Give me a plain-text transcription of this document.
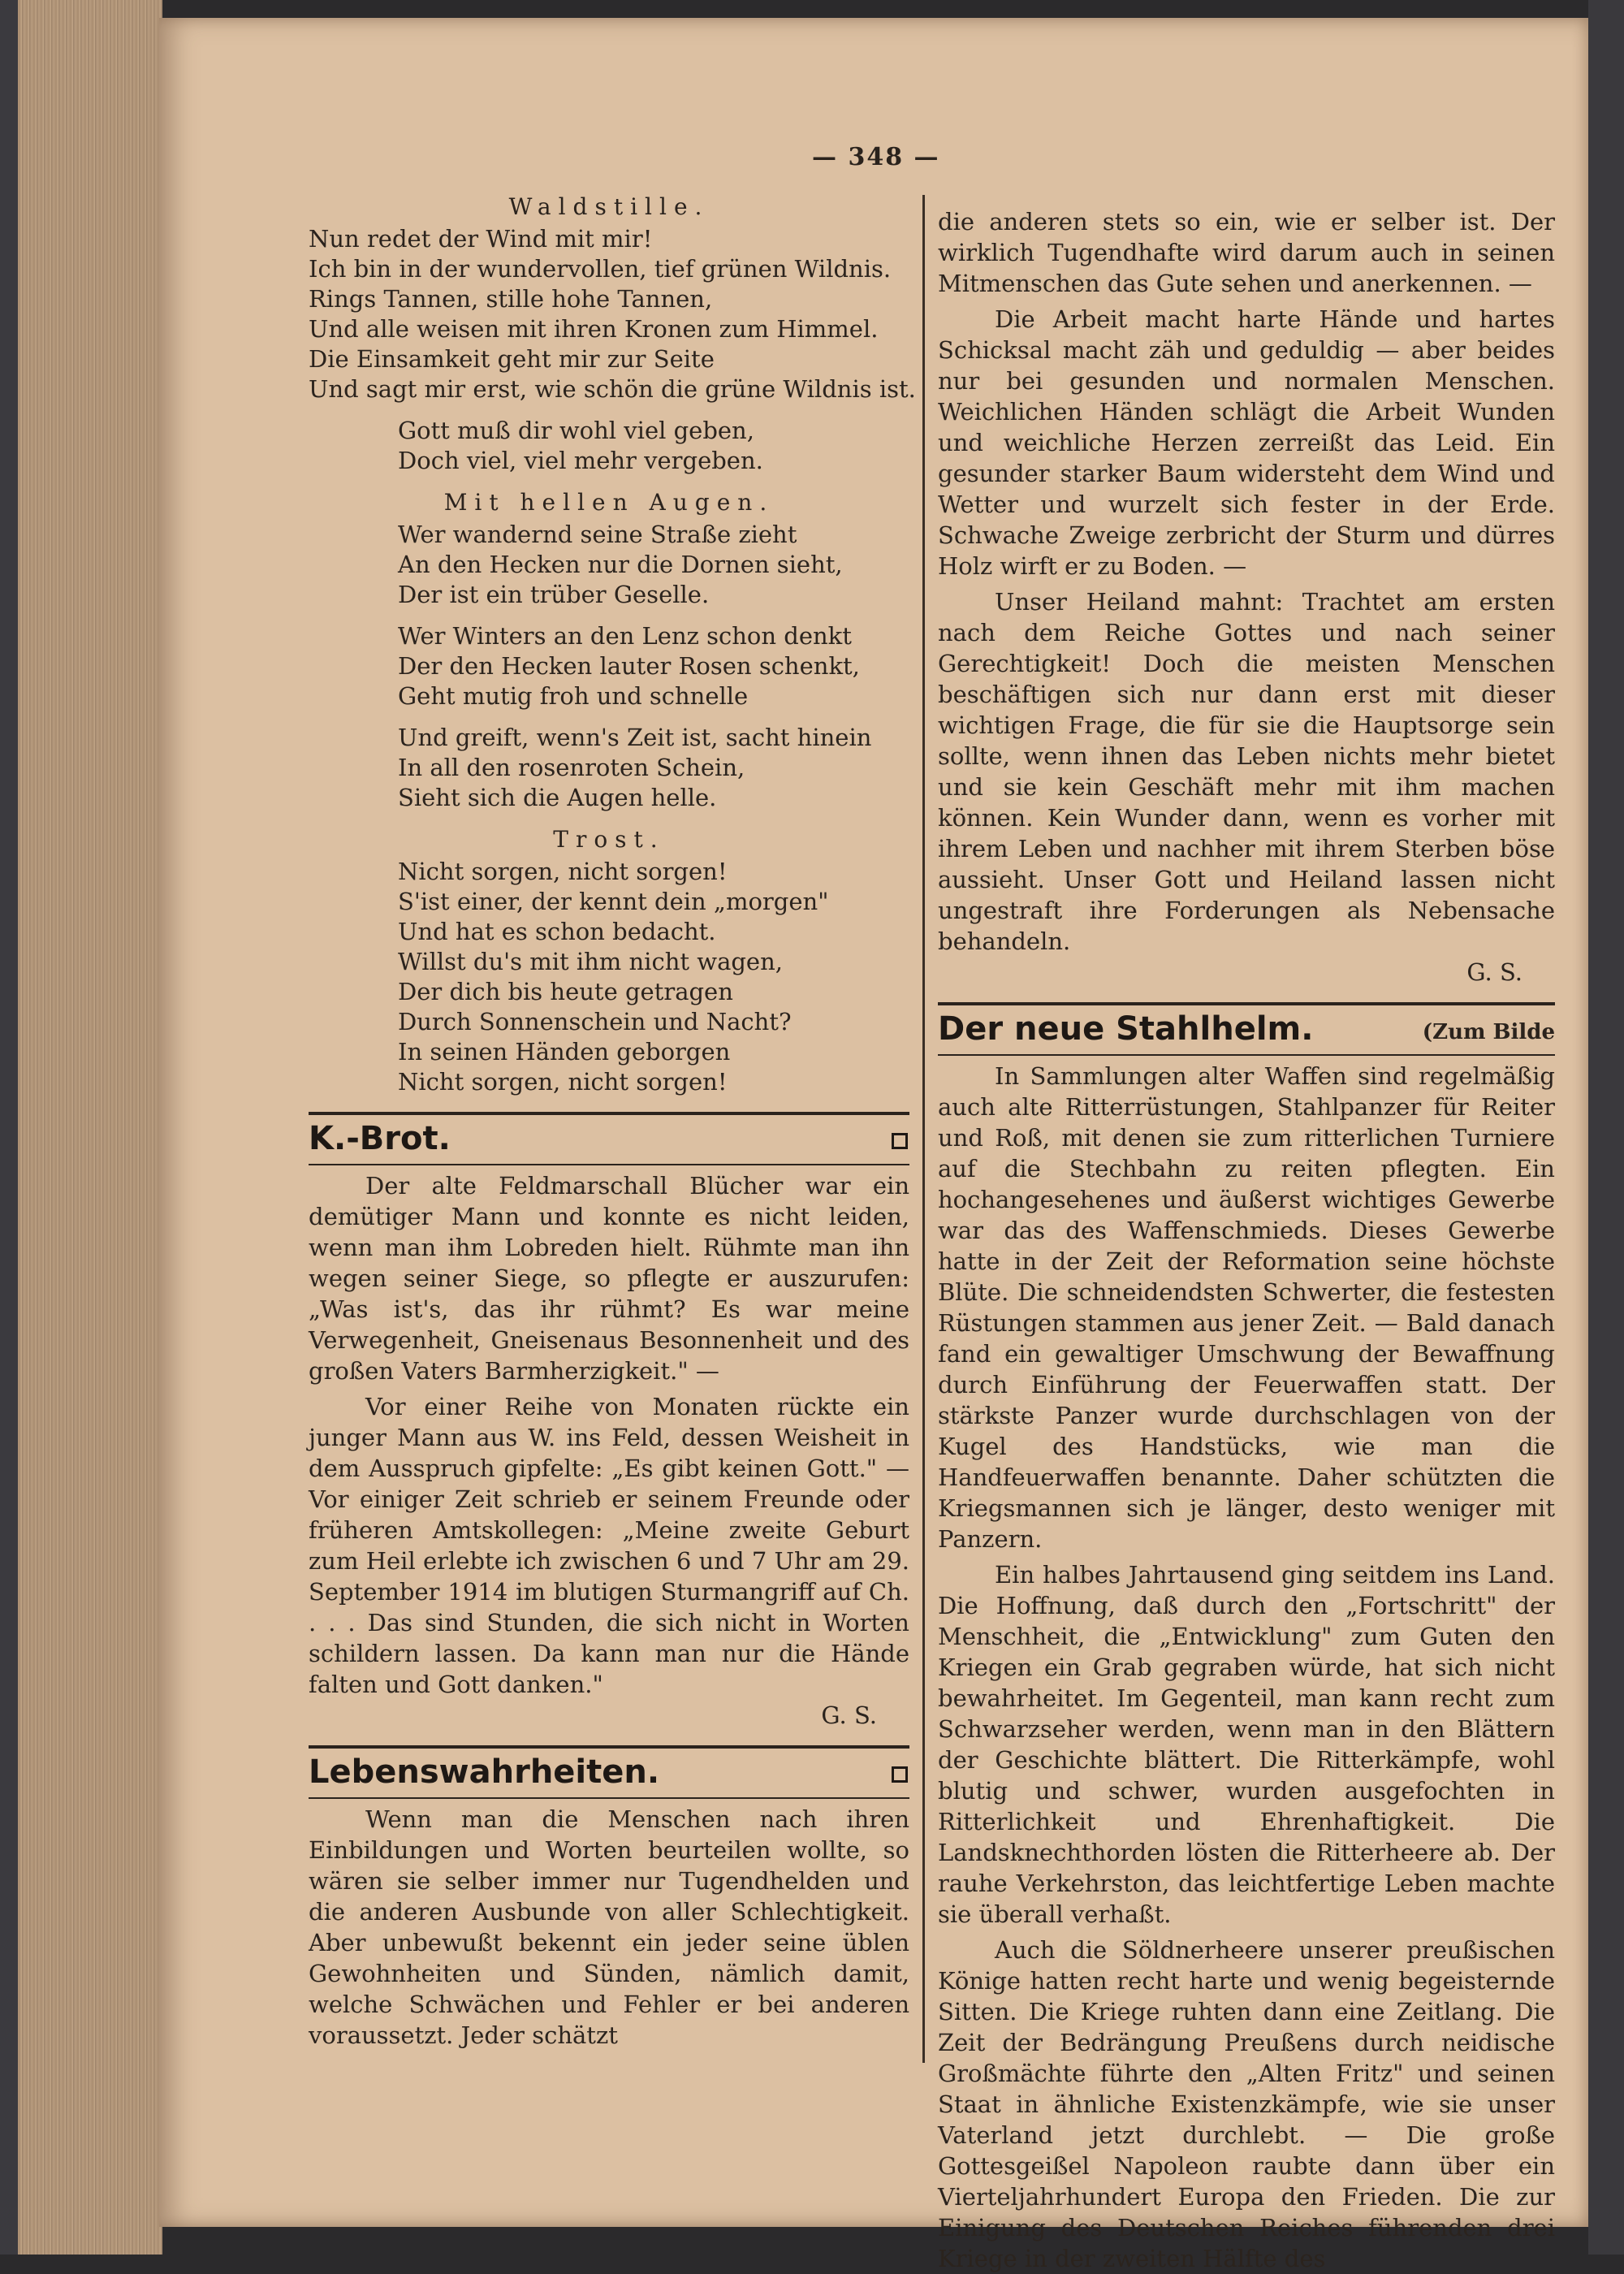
— 348 —
Waldstille.
Nun redet der Wind mit mir!
Ich bin in der wundervollen, tief grünen Wildnis.
Rings Tannen, stille hohe Tannen,
Und alle weisen mit ihren Kronen zum Himmel.
Die Einsamkeit geht mir zur Seite
Und sagt mir erst, wie schön die grüne Wildnis ist.
Gott muß dir wohl viel geben,
Doch viel, viel mehr vergeben.
Mit hellen Augen.
Wer wandernd seine Straße zieht
An den Hecken nur die Dornen sieht,
Der ist ein trüber Geselle.
Wer Winters an den Lenz schon denkt
Der den Hecken lauter Rosen schenkt,
Geht mutig froh und schnelle
Und greift, wenn's Zeit ist, sacht hinein
In all den rosenroten Schein,
Sieht sich die Augen helle.
Trost.
Nicht sorgen, nicht sorgen!
S'ist einer, der kennt dein „morgen"
Und hat es schon bedacht.
Willst du's mit ihm nicht wagen,
Der dich bis heute getragen
Durch Sonnenschein und Nacht?
In seinen Händen geborgen
Nicht sorgen, nicht sorgen!
K.-Brot.

Der alte Feldmarschall Blücher war ein demütiger Mann und konnte es nicht leiden, wenn man ihm Lobreden hielt. Rühmte man ihn wegen seiner Siege, so pflegte er auszurufen: „Was ist's, das ihr rühmt? Es war meine Verwegenheit, Gneisenaus Besonnenheit und des großen Vaters Barmherzigkeit." —

Vor einer Reihe von Monaten rückte ein junger Mann aus W. ins Feld, dessen Weisheit in dem Ausspruch gipfelte: „Es gibt keinen Gott." — Vor einiger Zeit schrieb er seinem Freunde oder früheren Amtskollegen: „Meine zweite Geburt zum Heil erlebte ich zwischen 6 und 7 Uhr am 29. September 1914 im blutigen Sturmangriff auf Ch. . . . Das sind Stunden, die sich nicht in Worten schildern lassen. Da kann man nur die Hände falten und Gott danken."

G. S.
Lebenswahrheiten.

Wenn man die Menschen nach ihren Einbildungen und Worten beurteilen wollte, so wären sie selber immer nur Tugendhelden und die anderen Ausbunde von aller Schlechtigkeit. Aber unbewußt bekennt ein jeder seine üblen Gewohnheiten und Sünden, nämlich damit, welche Schwächen und Fehler er bei anderen voraussetzt. Jeder schätzt

die anderen stets so ein, wie er selber ist. Der wirklich Tugendhafte wird darum auch in seinen Mitmenschen das Gute sehen und anerkennen. —

Die Arbeit macht harte Hände und hartes Schicksal macht zäh und geduldig — aber beides nur bei gesunden und normalen Menschen. Weichlichen Händen schlägt die Arbeit Wunden und weichliche Herzen zerreißt das Leid. Ein gesunder starker Baum widersteht dem Wind und Wetter und wurzelt sich fester in der Erde. Schwache Zweige zerbricht der Sturm und dürres Holz wirft er zu Boden. —

Unser Heiland mahnt: Trachtet am ersten nach dem Reiche Gottes und nach seiner Gerechtigkeit! Doch die meisten Menschen beschäftigen sich nur dann erst mit dieser wichtigen Frage, die für sie die Hauptsorge sein sollte, wenn ihnen das Leben nichts mehr bietet und sie kein Geschäft mehr mit ihm machen können. Kein Wunder dann, wenn es vorher mit ihrem Leben und nachher mit ihrem Sterben böse aussieht. Unser Gott und Heiland lassen nicht ungestraft ihre Forderungen als Nebensache behandeln.

G. S.
Der neue Stahlhelm.	(Zum Bilde

In Sammlungen alter Waffen sind regelmäßig auch alte Ritterrüstungen, Stahlpanzer für Reiter und Roß, mit denen sie zum ritterlichen Turniere auf die Stechbahn zu reiten pflegten. Ein hochangesehenes und äußerst wichtiges Gewerbe war das des Waffenschmieds. Dieses Gewerbe hatte in der Zeit der Reformation seine höchste Blüte. Die schneidendsten Schwerter, die festesten Rüstungen stammen aus jener Zeit. — Bald danach fand ein gewaltiger Umschwung der Bewaffnung durch Einführung der Feuerwaffen statt. Der stärkste Panzer wurde durchschlagen von der Kugel des Handstücks, wie man die Handfeuerwaffen benannte. Daher schützten die Kriegsmannen sich je länger, desto weniger mit Panzern.

Ein halbes Jahrtausend ging seitdem ins Land. Die Hoffnung, daß durch den „Fortschritt" der Menschheit, die „Entwicklung" zum Guten den Kriegen ein Grab gegraben würde, hat sich nicht bewahrheitet. Im Gegenteil, man kann recht zum Schwarzseher werden, wenn man in den Blättern der Geschichte blättert. Die Ritterkämpfe, wohl blutig und schwer, wurden ausgefochten in Ritterlichkeit und Ehrenhaftigkeit. Die Landsknechthorden lösten die Ritterheere ab. Der rauhe Verkehrston, das leichtfertige Leben machte sie überall verhaßt.

Auch die Söldnerheere unserer preußischen Könige hatten recht harte und wenig begeisternde Sitten. Die Kriege ruhten dann eine Zeitlang. Die Zeit der Bedrängung Preußens durch neidische Großmächte führte den „Alten Fritz" und seinen Staat in ähnliche Existenzkämpfe, wie sie unser Vaterland jetzt durchlebt. — Die große Gottesgeißel Napoleon raubte dann über ein Vierteljahrhundert Europa den Frieden. Die zur Einigung des Deutschen Reiches führenden drei Kriege in der zweiten Hälfte des
